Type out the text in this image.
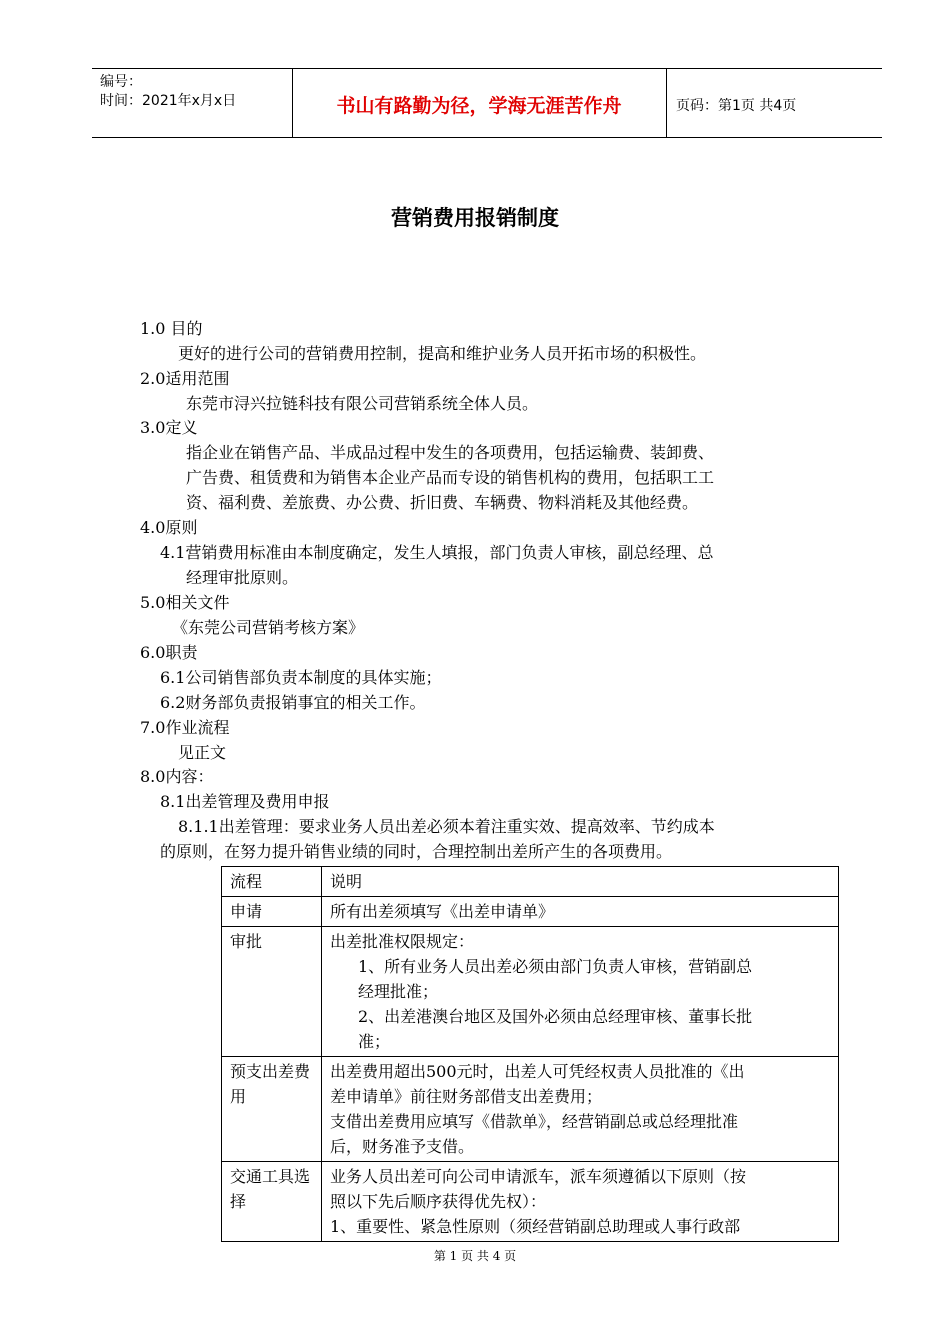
编号：
时间：2021年x月x日	书山有路勤为径，学海无涯苦作舟	页码：第1页 共4页
营销费用报销制度
1.0 目的
更好的进行公司的营销费用控制，提高和维护业务人员开拓市场的积极性。
2.0适用范围
东莞市浔兴拉链科技有限公司营销系统全体人员。
3.0定义
指企业在销售产品、半成品过程中发生的各项费用，包括运输费、装卸费、
广告费、租赁费和为销售本企业产品而专设的销售机构的费用，包括职工工
资、福利费、差旅费、办公费、折旧费、车辆费、物料消耗及其他经费。
4.0原则
4.1营销费用标准由本制度确定，发生人填报，部门负责人审核，副总经理、总
经理审批原则。
5.0相关文件
《东莞公司营销考核方案》
6.0职责
6.1公司销售部负责本制度的具体实施；
6.2财务部负责报销事宜的相关工作。
7.0作业流程
见正文
8.0内容：
8.1出差管理及费用申报
8.1.1出差管理：要求业务人员出差必须本着注重实效、提高效率、节约成本
的原则，在努力提升销售业绩的同时，合理控制出差所产生的各项费用。
流程	说明
申请	所有出差须填写《出差申请单》

审批	出差批准权限规定：
1、所有业务人员出差必须由部门负责人审核，营销副总
经理批准；
2、出差港澳台地区及国外必须由总经理审核、董事长批
准；

预支出差费用	出差费用超出500元时，出差人可凭经权责人员批准的《出
差申请单》前往财务部借支出差费用；
支借出差费用应填写《借款单》，经营销副总或总经理批准
后，财务准予支借。

交通工具选择	业务人员出差可向公司申请派车，派车须遵循以下原则（按
照以下先后顺序获得优先权）：
1、重要性、紧急性原则（须经营销副总助理或人事行政部
第 1 页 共 4 页
